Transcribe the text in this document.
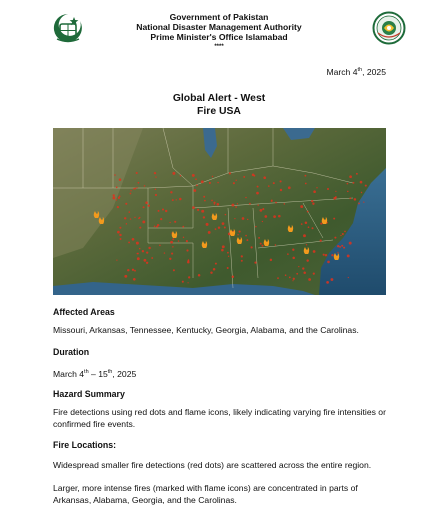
Government of Pakistan
National Disaster Management Authority
Prime Minister's Office Islamabad
****
March 4th, 2025
Global Alert - West
Fire USA
Affected Areas
Missouri, Arkansas, Tennessee, Kentucky, Georgia, Alabama, and the Carolinas.
Duration
March 4th – 15th, 2025
Hazard Summary
Fire detections using red dots and flame icons, likely indicating varying fire intensities or confirmed fire events.
Fire Locations:
Widespread smaller fire detections (red dots) are scattered across the entire region.
Larger, more intense fires (marked with flame icons) are concentrated in parts of Arkansas, Alabama, Georgia, and the Carolinas.
